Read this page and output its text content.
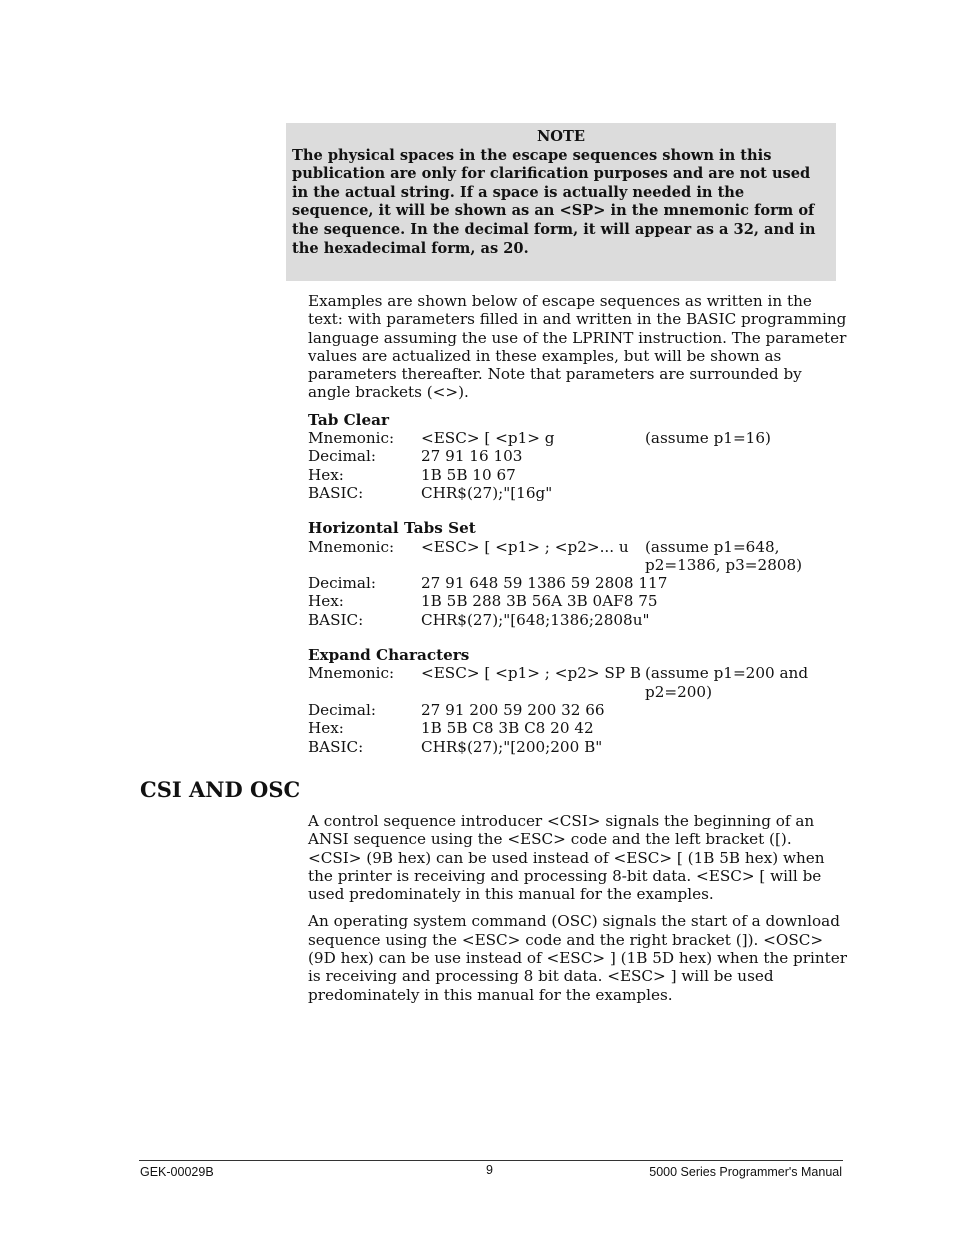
NOTE
The physical spaces in the escape sequences shown in this publication are only for clarification purposes and are not used in the actual string. If a space is actually needed in the sequence, it will be shown as an <SP> in the mnemonic form of the sequence. In the decimal form, it will appear as a 32, and in the hexadecimal form, as 20.

Examples are shown below of escape sequences as written in the text: with parameters filled in and written in the BASIC programming language assuming the use of the LPRINT instruction. The parameter values are actualized in these examples, but will be shown as parameters thereafter. Note that parameters are surrounded by angle brackets (<>).

Tab Clear
Mnemonic:	<ESC> [ <p1> g	(assume p1=16)
Decimal:	27 91 16 103
Hex:	1B 5B 10 67
BASIC:	CHR$(27);"[16g"
Horizontal Tabs Set
Mnemonic:	<ESC> [ <p1> ; <p2>... u	(assume p1=648, p2=1386, p3=2808)
Decimal:	27 91 648 59 1386 59 2808 117
Hex:	1B 5B 288 3B 56A 3B 0AF8 75
BASIC:	CHR$(27);"[648;1386;2808u"
Expand Characters
Mnemonic:	<ESC> [ <p1> ; <p2> SP B (assume p1=200 and p2=200)
Decimal:	27 91 200 59 200 32 66
Hex:	1B 5B C8 3B C8 20 42
BASIC:	CHR$(27);"[200;200 B"
CSI AND OSC

A control sequence introducer <CSI> signals the beginning of an ANSI sequence using the <ESC> code and the left bracket ([). <CSI> (9B hex) can be used instead of <ESC> [ (1B 5B hex) when the printer is receiving and processing 8-bit data. <ESC> [ will be used predominately in this manual for the examples.

An operating system command (OSC) signals the start of a download sequence using the <ESC> code and the right bracket (]). <OSC> (9D hex) can be use instead of <ESC> ] (1B 5D hex) when the printer is receiving and processing 8 bit data. <ESC> ] will be used predominately in this manual for the examples.

GEK-00029B	9	5000 Series Programmer's Manual
